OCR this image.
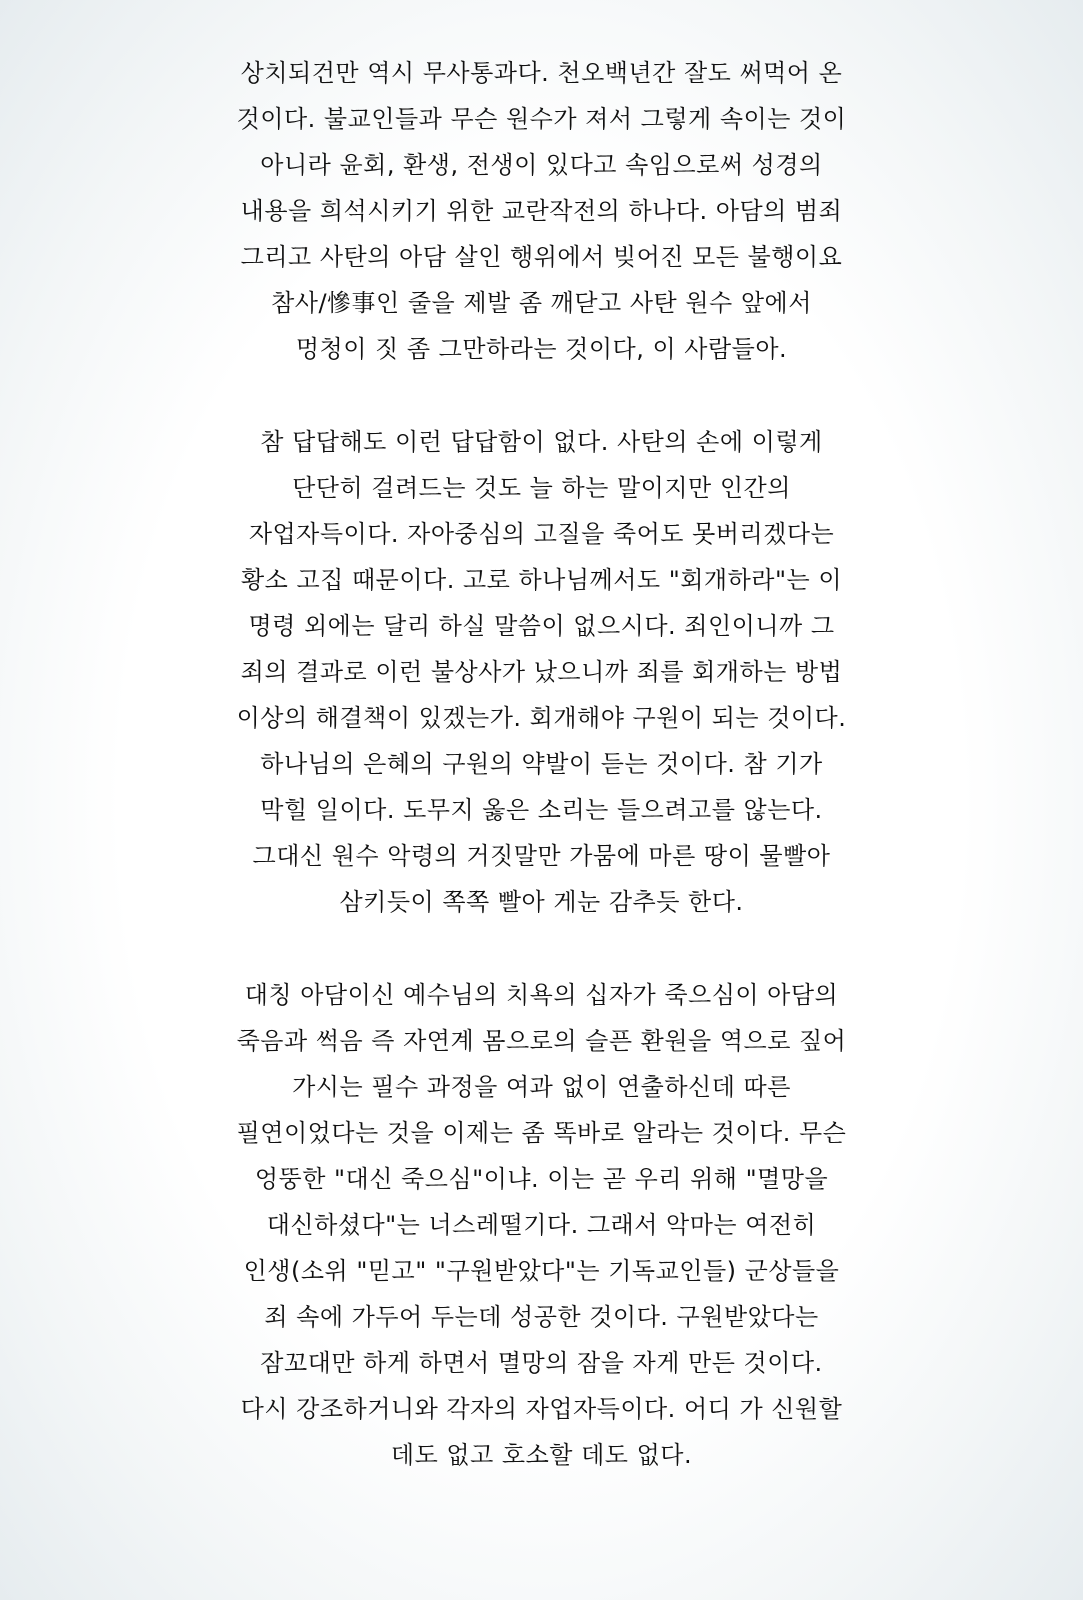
상치되건만 역시 무사통과다. 천오백년간 잘도 써먹어 온
것이다. 불교인들과 무슨 원수가 져서 그렇게 속이는 것이
아니라 윤회, 환생, 전생이 있다고 속임으로써 성경의
내용을 희석시키기 위한 교란작전의 하나다. 아담의 범죄
그리고 사탄의 아담 살인 행위에서 빚어진 모든 불행이요
참사/慘事인 줄을 제발 좀 깨닫고 사탄 원수 앞에서
멍청이 짓 좀 그만하라는 것이다, 이 사람들아.
참 답답해도 이런 답답함이 없다. 사탄의 손에 이렇게
단단히 걸려드는 것도 늘 하는 말이지만 인간의
자업자득이다. 자아중심의 고질을 죽어도 못버리겠다는
황소 고집 때문이다. 고로 하나님께서도 "회개하라"는 이
명령 외에는 달리 하실 말씀이 없으시다. 죄인이니까 그
죄의 결과로 이런 불상사가 났으니까 죄를 회개하는 방법
이상의 해결책이 있겠는가. 회개해야 구원이 되는 것이다.
하나님의 은혜의 구원의 약발이 듣는 것이다. 참 기가
막힐 일이다. 도무지 옳은 소리는 들으려고를 않는다.
그대신 원수 악령의 거짓말만 가뭄에 마른 땅이 물빨아
삼키듯이 쪽쪽 빨아 게눈 감추듯 한다.
대칭 아담이신 예수님의 치욕의 십자가 죽으심이 아담의
죽음과 썩음 즉 자연계 몸으로의 슬픈 환원을 역으로 짚어
가시는 필수 과정을 여과 없이 연출하신데 따른
필연이었다는 것을 이제는 좀 똑바로 알라는 것이다. 무슨
엉뚱한 "대신 죽으심"이냐. 이는 곧 우리 위해 "멸망을
대신하셨다"는 너스레떨기다. 그래서 악마는 여전히
인생(소위 "믿고" "구원받았다"는 기독교인들) 군상들을
죄 속에 가두어 두는데 성공한 것이다. 구원받았다는
잠꼬대만 하게 하면서 멸망의 잠을 자게 만든 것이다.
다시 강조하거니와 각자의 자업자득이다. 어디 가 신원할
데도 없고 호소할 데도 없다.
